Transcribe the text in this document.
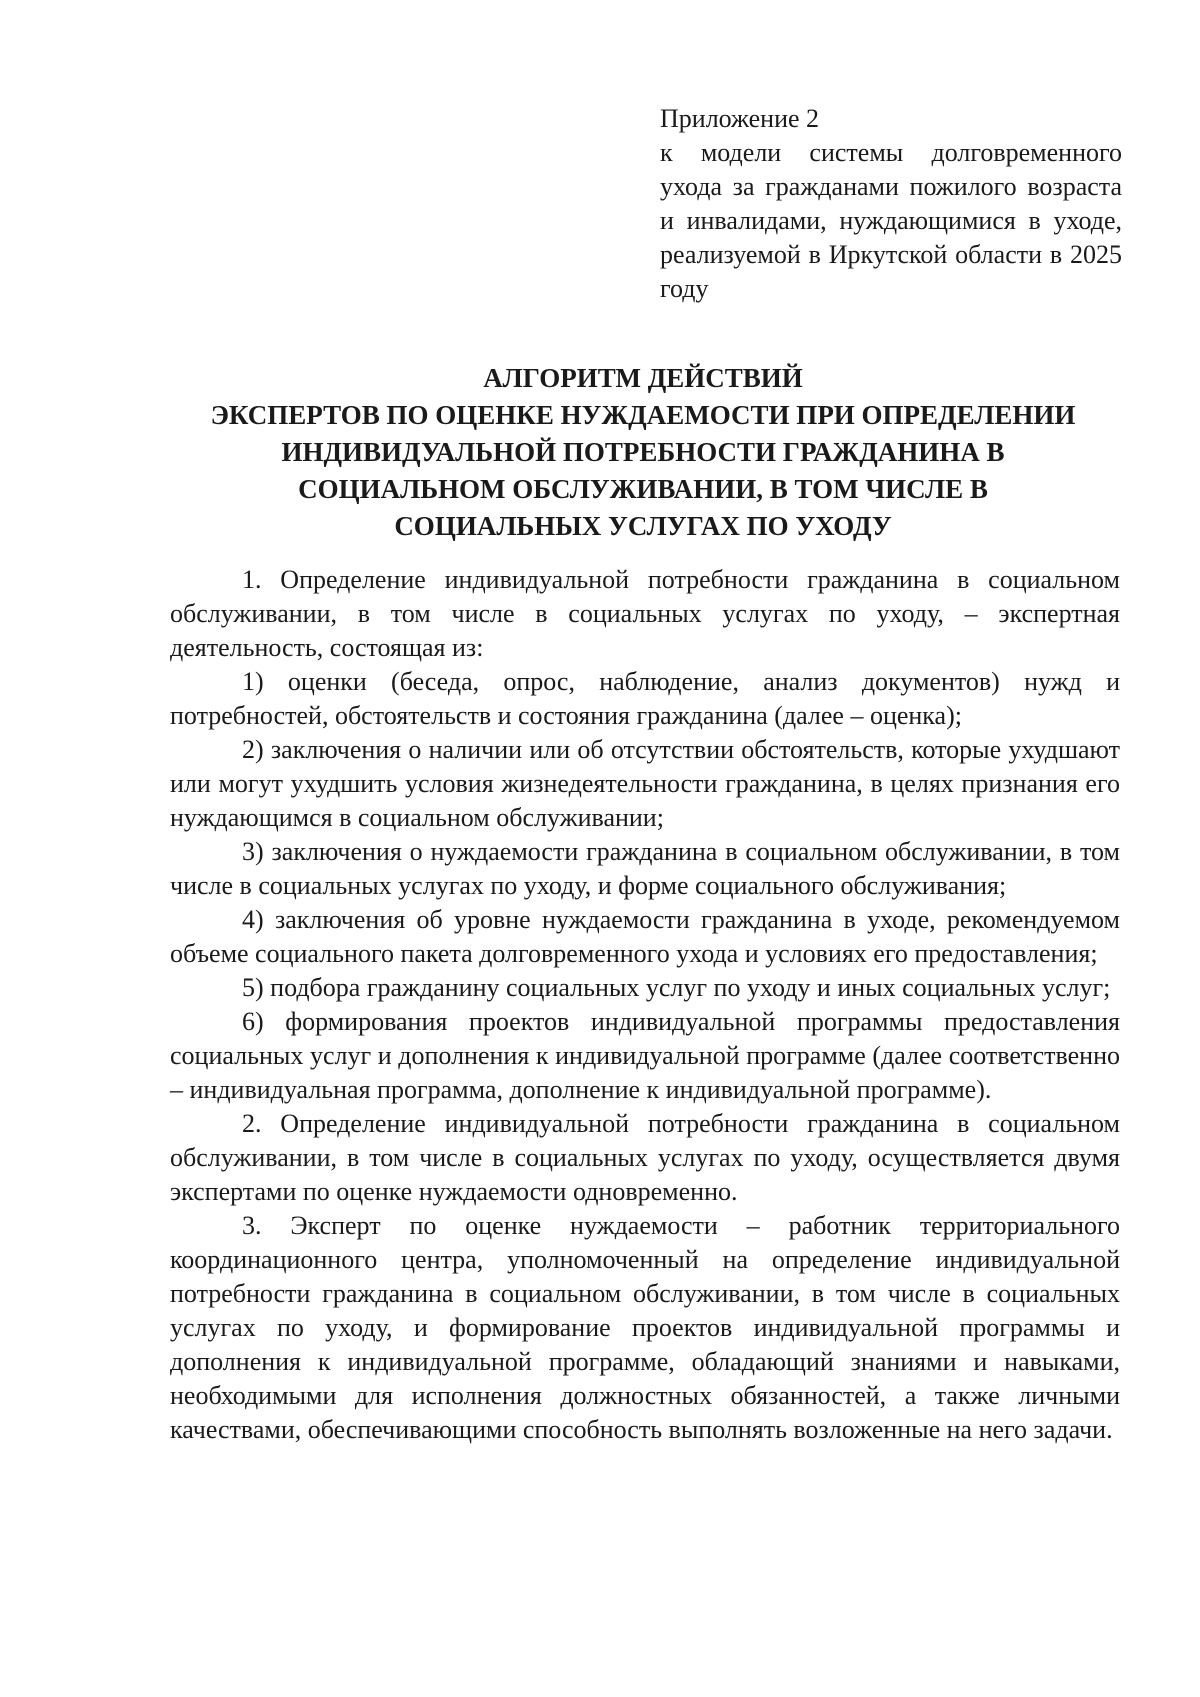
Приложение 2
к модели системы долговременного ухода за гражданами пожилого возраста и инвалидами, нуждающимися в уходе, реализуемой в Иркутской области в 2025 году
АЛГОРИТМ ДЕЙСТВИЙ
ЭКСПЕРТОВ ПО ОЦЕНКЕ НУЖДАЕМОСТИ ПРИ ОПРЕДЕЛЕНИИ
ИНДИВИДУАЛЬНОЙ ПОТРЕБНОСТИ ГРАЖДАНИНА В
СОЦИАЛЬНОМ ОБСЛУЖИВАНИИ, В ТОМ ЧИСЛЕ В
СОЦИАЛЬНЫХ УСЛУГАХ ПО УХОДУ

1. Определение индивидуальной потребности гражданина в социальном обслуживании, в том числе в социальных услугах по уходу, – экспертная деятельность, состоящая из:

1) оценки (беседа, опрос, наблюдение, анализ документов) нужд и потребностей, обстоятельств и состояния гражданина (далее – оценка);

2) заключения о наличии или об отсутствии обстоятельств, которые ухудшают или могут ухудшить условия жизнедеятельности гражданина, в целях признания его нуждающимся в социальном обслуживании;

3) заключения о нуждаемости гражданина в социальном обслуживании, в том числе в социальных услугах по уходу, и форме социального обслуживания;

4) заключения об уровне нуждаемости гражданина в уходе, рекомендуемом объеме социального пакета долговременного ухода и условиях его предоставления;

5) подбора гражданину социальных услуг по уходу и иных социальных услуг;

6) формирования проектов индивидуальной программы предоставления социальных услуг и дополнения к индивидуальной программе (далее соответственно – индивидуальная программа, дополнение к индивидуальной программе).

2. Определение индивидуальной потребности гражданина в социальном обслуживании, в том числе в социальных услугах по уходу, осуществляется двумя экспертами по оценке нуждаемости одновременно.

3. Эксперт по оценке нуждаемости – работник территориального координационного центра, уполномоченный на определение индивидуальной потребности гражданина в социальном обслуживании, в том числе в социальных услугах по уходу, и формирование проектов индивидуальной программы и дополнения к индивидуальной программе, обладающий знаниями и навыками, необходимыми для исполнения должностных обязанностей, а также личными качествами, обеспечивающими способность выполнять возложенные на него задачи.
